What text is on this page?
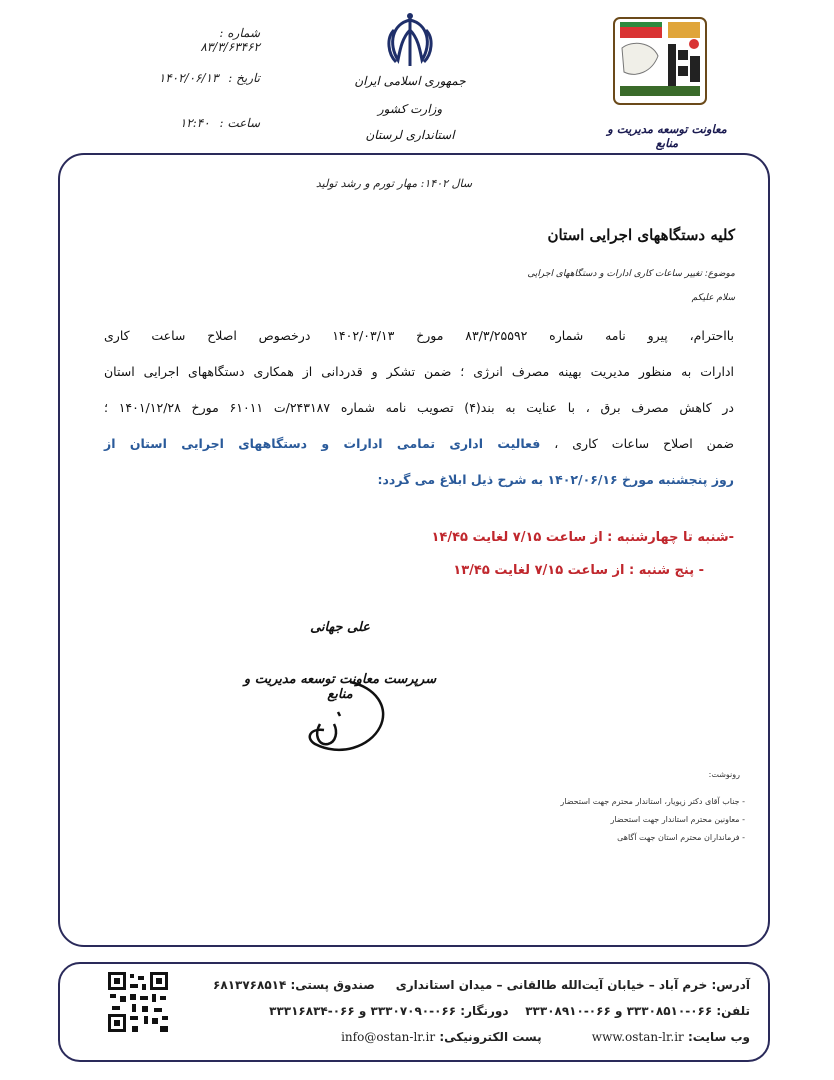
شماره : ۸۳/۳/۶۳۴۶۲
تاریخ : ۱۴۰۲/۰۶/۱۳
ساعت : ۱۲:۴۰
جمهوری اسلامی ایران
وزارت کشور
استانداری لرستان	معاونت توسعه مدیریت و منابع
سال ۱۴۰۲: مهار تورم و رشد تولید
کلیه دستگاههای اجرایی استان
موضوع: تغییر ساعات کاری ادارات و دستگاههای اجرایی
سلام علیکم
بااحترام، پیرو نامه شماره ۸۳/۳/۲۵۵۹۲ مورخ ۱۴۰۲/۰۳/۱۳ درخصوص اصلاح ساعت کاری
ادارات به منظور مدیریت بهینه مصرف انرژی ؛ ضمن تشکر و قدردانی از همکاری دستگاههای اجرایی استان
در کاهش مصرف برق ، با عنایت به بند(۴) تصویب نامه شماره ۲۴۳۱۸۷/ت ۶۱۰۱۱ مورخ ۱۴۰۱/۱۲/۲۸ ؛
ضمن اصلاح ساعات کاری ، فعالیت اداری تمامی ادارات و دستگاههای اجرایی استان از
روز پنجشنبه مورخ ۱۴۰۲/۰۶/۱۶ به شرح ذیل ابلاغ می گردد:
-شنبه تا چهارشنبه : از ساعت ۷/۱۵ لغایت ۱۴/۴۵
- پنج شنبه : از ساعت ۷/۱۵ لغایت ۱۳/۴۵
علی جهانی
سرپرست معاونت توسعه مدیریت و منابع
رونوشت:
- جناب آقای دکتر زیویار، استاندار محترم جهت استحضار
- معاونین محترم استاندار جهت استحضار
- فرمانداران محترم استان جهت آگاهی
آدرس: خرم آباد – خیابان آیت‌الله طالقانی – میدان استانداری     صندوق پستی: ۶۸۱۳۷۶۸۵۱۴
تلفن: ۰۶۶-۳۳۳۰۸۵۱۰ و ۰۶۶-۳۳۳۰۸۹۱۰    دورنگار: ۰۶۶-۳۳۳۰۷۰۹۰ و ۰۶۶-۳۳۳۱۶۸۳۴
وب سایت: www.ostan-lr.ir            پست الکترونیکی: info@ostan-lr.ir
